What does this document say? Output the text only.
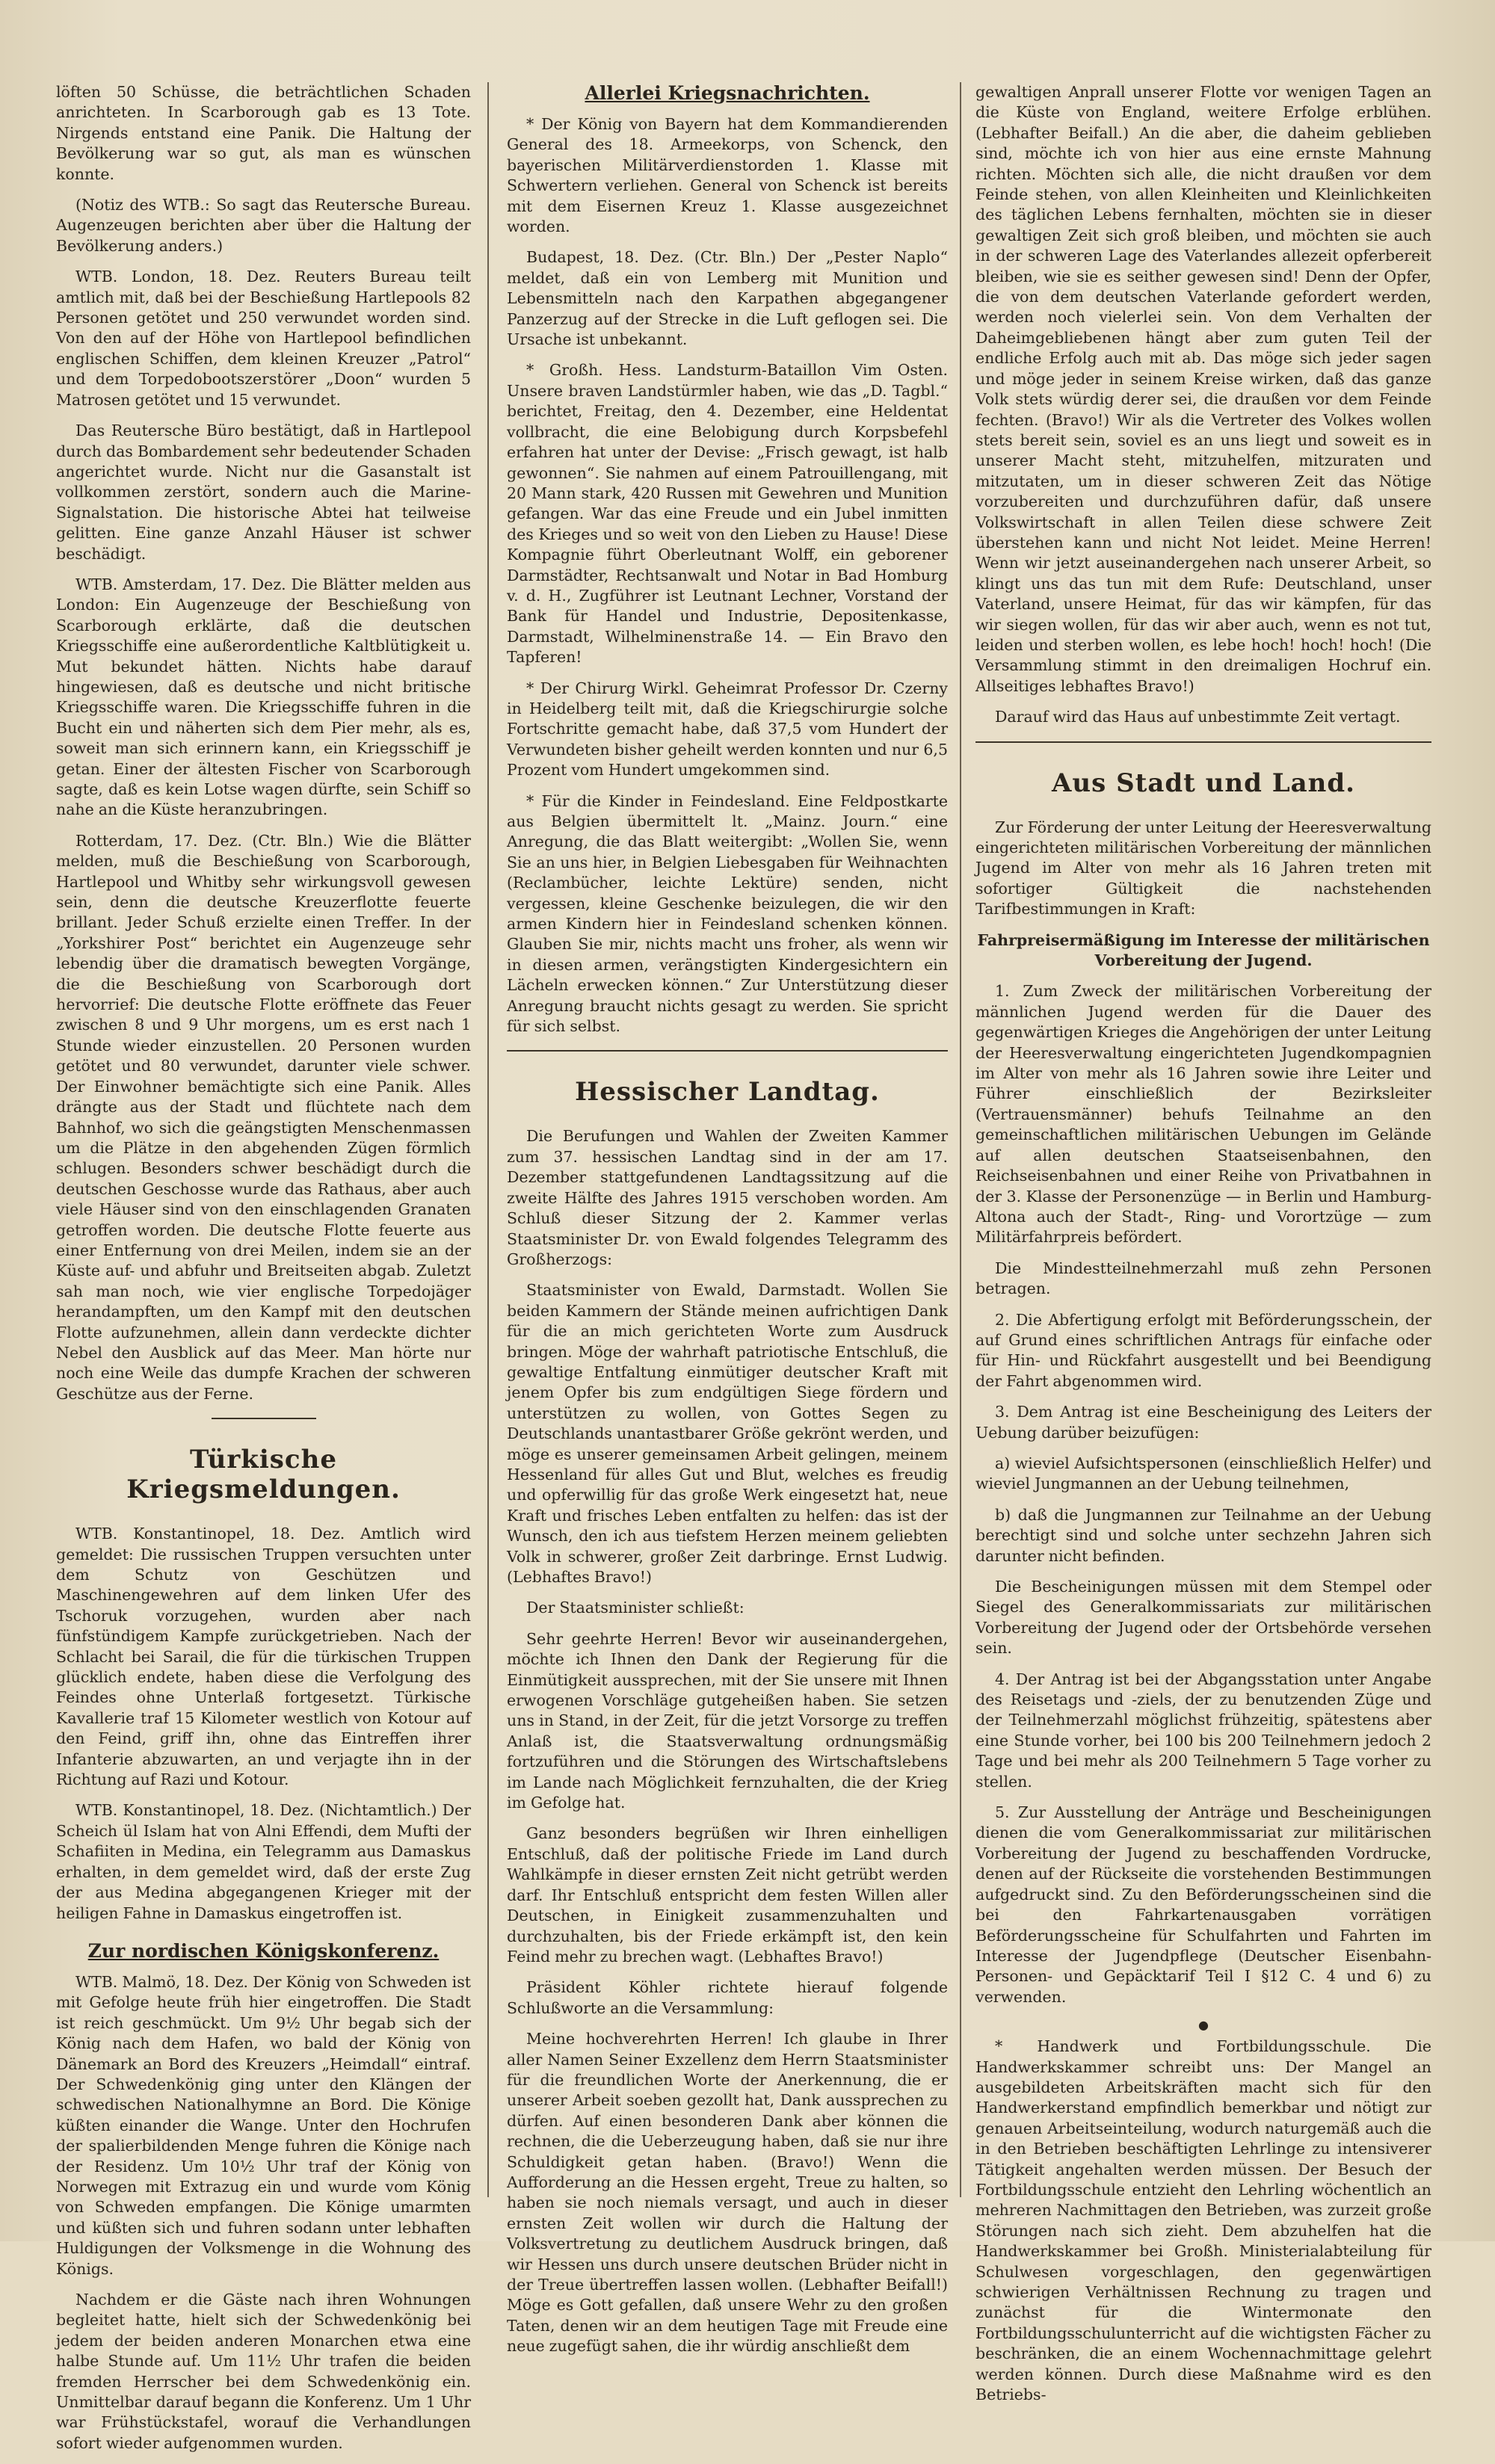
löften 50 Schüsse, die beträchtlichen Schaden anrichteten. In Scarborough gab es 13 Tote. Nirgends entstand eine Panik. Die Haltung der Bevölkerung war so gut, als man es wünschen konnte.

(Notiz des WTB.: So sagt das Reutersche Bureau. Augenzeugen berichten aber über die Haltung der Bevölkerung anders.)

WTB. London, 18. Dez. Reuters Bureau teilt amtlich mit, daß bei der Beschießung Hartlepools 82 Personen getötet und 250 verwundet worden sind. Von den auf der Höhe von Hartlepool befindlichen englischen Schiffen, dem kleinen Kreuzer „Patrol“ und dem Torpedobootszerstörer „Doon“ wurden 5 Matrosen getötet und 15 verwundet.

Das Reutersche Büro bestätigt, daß in Hartlepool durch das Bombardement sehr bedeutender Schaden angerichtet wurde. Nicht nur die Gasanstalt ist vollkommen zerstört, sondern auch die Marine-Signalstation. Die historische Abtei hat teilweise gelitten. Eine ganze Anzahl Häuser ist schwer beschädigt.

WTB. Amsterdam, 17. Dez. Die Blätter melden aus London: Ein Augenzeuge der Beschießung von Scarborough erklärte, daß die deutschen Kriegsschiffe eine außerordentliche Kaltblütigkeit u. Mut bekundet hätten. Nichts habe darauf hingewiesen, daß es deutsche und nicht britische Kriegsschiffe waren. Die Kriegsschiffe fuhren in die Bucht ein und näherten sich dem Pier mehr, als es, soweit man sich erinnern kann, ein Kriegsschiff je getan. Einer der ältesten Fischer von Scarborough sagte, daß es kein Lotse wagen dürfte, sein Schiff so nahe an die Küste heranzubringen.

Rotterdam, 17. Dez. (Ctr. Bln.) Wie die Blätter melden, muß die Beschießung von Scarborough, Hartlepool und Whitby sehr wirkungsvoll gewesen sein, denn die deutsche Kreuzerflotte feuerte brillant. Jeder Schuß erzielte einen Treffer. In der „Yorkshirer Post“ berichtet ein Augenzeuge sehr lebendig über die dramatisch bewegten Vorgänge, die die Beschießung von Scarborough dort hervorrief: Die deutsche Flotte eröffnete das Feuer zwischen 8 und 9 Uhr morgens, um es erst nach 1 Stunde wieder einzustellen. 20 Personen wurden getötet und 80 verwundet, darunter viele schwer. Der Einwohner bemächtigte sich eine Panik. Alles drängte aus der Stadt und flüchtete nach dem Bahnhof, wo sich die geängstigten Menschenmassen um die Plätze in den abgehenden Zügen förmlich schlugen. Besonders schwer beschädigt durch die deutschen Geschosse wurde das Rathaus, aber auch viele Häuser sind von den einschlagenden Granaten getroffen worden. Die deutsche Flotte feuerte aus einer Entfernung von drei Meilen, indem sie an der Küste auf- und abfuhr und Breitseiten abgab. Zuletzt sah man noch, wie vier englische Torpedojäger herandampften, um den Kampf mit den deutschen Flotte aufzunehmen, allein dann verdeckte dichter Nebel den Ausblick auf das Meer. Man hörte nur noch eine Weile das dumpfe Krachen der schweren Geschütze aus der Ferne.

Türkische Kriegsmeldungen.

WTB. Konstantinopel, 18. Dez. Amtlich wird gemeldet: Die russischen Truppen versuchten unter dem Schutz von Geschützen und Maschinengewehren auf dem linken Ufer des Tschoruk vorzugehen, wurden aber nach fünfstündigem Kampfe zurückgetrieben. Nach der Schlacht bei Sarail, die für die türkischen Truppen glücklich endete, haben diese die Verfolgung des Feindes ohne Unterlaß fortgesetzt. Türkische Kavallerie traf 15 Kilometer westlich von Kotour auf den Feind, griff ihn, ohne das Eintreffen ihrer Infanterie abzuwarten, an und verjagte ihn in der Richtung auf Razi und Kotour.

WTB. Konstantinopel, 18. Dez. (Nichtamtlich.) Der Scheich ül Islam hat von Alni Effendi, dem Mufti der Schafiiten in Medina, ein Telegramm aus Damaskus erhalten, in dem gemeldet wird, daß der erste Zug der aus Medina abgegangenen Krieger mit der heiligen Fahne in Damaskus eingetroffen ist.

Zur nordischen Königskonferenz.

WTB. Malmö, 18. Dez. Der König von Schweden ist mit Gefolge heute früh hier eingetroffen. Die Stadt ist reich geschmückt. Um 9½ Uhr begab sich der König nach dem Hafen, wo bald der König von Dänemark an Bord des Kreuzers „Heimdall“ eintraf. Der Schwedenkönig ging unter den Klängen der schwedischen Nationalhymne an Bord. Die Könige küßten einander die Wange. Unter den Hochrufen der spalierbildenden Menge fuhren die Könige nach der Residenz. Um 10½ Uhr traf der König von Norwegen mit Extrazug ein und wurde vom König von Schweden empfangen. Die Könige umarmten und küßten sich und fuhren sodann unter lebhaften Huldigungen der Volksmenge in die Wohnung des Königs.

Nachdem er die Gäste nach ihren Wohnungen begleitet hatte, hielt sich der Schwedenkönig bei jedem der beiden anderen Monarchen etwa eine halbe Stunde auf. Um 11½ Uhr trafen die beiden fremden Herrscher bei dem Schwedenkönig ein. Unmittelbar darauf begann die Konferenz. Um 1 Uhr war Frühstückstafel, worauf die Verhandlungen sofort wieder aufgenommen wurden.

Allerlei Kriegsnachrichten.

* Der König von Bayern hat dem Kommandierenden General des 18. Armeekorps, von Schenck, den bayerischen Militärverdienstorden 1. Klasse mit Schwertern verliehen. General von Schenck ist bereits mit dem Eisernen Kreuz 1. Klasse ausgezeichnet worden.

Budapest, 18. Dez. (Ctr. Bln.) Der „Pester Naplo“ meldet, daß ein von Lemberg mit Munition und Lebensmitteln nach den Karpathen abgegangener Panzerzug auf der Strecke in die Luft geflogen sei. Die Ursache ist unbekannt.

* Großh. Hess. Landsturm-Bataillon Vim Osten. Unsere braven Landstürmler haben, wie das „D. Tagbl.“ berichtet, Freitag, den 4. Dezember, eine Heldentat vollbracht, die eine Belobigung durch Korpsbefehl erfahren hat unter der Devise: „Frisch gewagt, ist halb gewonnen“. Sie nahmen auf einem Patrouillengang, mit 20 Mann stark, 420 Russen mit Gewehren und Munition gefangen. War das eine Freude und ein Jubel inmitten des Krieges und so weit von den Lieben zu Hause! Diese Kompagnie führt Oberleutnant Wolff, ein geborener Darmstädter, Rechtsanwalt und Notar in Bad Homburg v. d. H., Zugführer ist Leutnant Lechner, Vorstand der Bank für Handel und Industrie, Depositenkasse, Darmstadt, Wilhelminenstraße 14. — Ein Bravo den Tapferen!

* Der Chirurg Wirkl. Geheimrat Professor Dr. Czerny in Heidelberg teilt mit, daß die Kriegschirurgie solche Fortschritte gemacht habe, daß 37,5 vom Hundert der Verwundeten bisher geheilt werden konnten und nur 6,5 Prozent vom Hundert umgekommen sind.

* Für die Kinder in Feindesland. Eine Feldpostkarte aus Belgien übermittelt lt. „Mainz. Journ.“ eine Anregung, die das Blatt weitergibt: „Wollen Sie, wenn Sie an uns hier, in Belgien Liebesgaben für Weihnachten (Reclambücher, leichte Lektüre) senden, nicht vergessen, kleine Geschenke beizulegen, die wir den armen Kindern hier in Feindesland schenken können. Glauben Sie mir, nichts macht uns froher, als wenn wir in diesen armen, verängstigten Kindergesichtern ein Lächeln erwecken können.“ Zur Unterstützung dieser Anregung braucht nichts gesagt zu werden. Sie spricht für sich selbst.

Hessischer Landtag.

Die Berufungen und Wahlen der Zweiten Kammer zum 37. hessischen Landtag sind in der am 17. Dezember stattgefundenen Landtagssitzung auf die zweite Hälfte des Jahres 1915 verschoben worden. Am Schluß dieser Sitzung der 2. Kammer verlas Staatsminister Dr. von Ewald folgendes Telegramm des Großherzogs:

Staatsminister von Ewald, Darmstadt. Wollen Sie beiden Kammern der Stände meinen aufrichtigen Dank für die an mich gerichteten Worte zum Ausdruck bringen. Möge der wahrhaft patriotische Entschluß, die gewaltige Entfaltung einmütiger deutscher Kraft mit jenem Opfer bis zum endgültigen Siege fördern und unterstützen zu wollen, von Gottes Segen zu Deutschlands unantastbarer Größe gekrönt werden, und möge es unserer gemeinsamen Arbeit gelingen, meinem Hessenland für alles Gut und Blut, welches es freudig und opferwillig für das große Werk eingesetzt hat, neue Kraft und frisches Leben entfalten zu helfen: das ist der Wunsch, den ich aus tiefstem Herzen meinem geliebten Volk in schwerer, großer Zeit darbringe. Ernst Ludwig. (Lebhaftes Bravo!)

Der Staatsminister schließt:

Sehr geehrte Herren! Bevor wir auseinandergehen, möchte ich Ihnen den Dank der Regierung für die Einmütigkeit aussprechen, mit der Sie unsere mit Ihnen erwogenen Vorschläge gutgeheißen haben. Sie setzen uns in Stand, in der Zeit, für die jetzt Vorsorge zu treffen Anlaß ist, die Staatsverwaltung ordnungsmäßig fortzuführen und die Störungen des Wirtschaftslebens im Lande nach Möglichkeit fernzuhalten, die der Krieg im Gefolge hat.

Ganz besonders begrüßen wir Ihren einhelligen Entschluß, daß der politische Friede im Land durch Wahlkämpfe in dieser ernsten Zeit nicht getrübt werden darf. Ihr Entschluß entspricht dem festen Willen aller Deutschen, in Einigkeit zusammenzuhalten und durchzuhalten, bis der Friede erkämpft ist, den kein Feind mehr zu brechen wagt. (Lebhaftes Bravo!)

Präsident Köhler richtete hierauf folgende Schlußworte an die Versammlung:

Meine hochverehrten Herren! Ich glaube in Ihrer aller Namen Seiner Exzellenz dem Herrn Staatsminister für die freundlichen Worte der Anerkennung, die er unserer Arbeit soeben gezollt hat, Dank aussprechen zu dürfen. Auf einen besonderen Dank aber können die rechnen, die die Ueberzeugung haben, daß sie nur ihre Schuldigkeit getan haben. (Bravo!) Wenn die Aufforderung an die Hessen ergeht, Treue zu halten, so haben sie noch niemals versagt, und auch in dieser ernsten Zeit wollen wir durch die Haltung der Volksvertretung zu deutlichem Ausdruck bringen, daß wir Hessen uns durch unsere deutschen Brüder nicht in der Treue übertreffen lassen wollen. (Lebhafter Beifall!) Möge es Gott gefallen, daß unsere Wehr zu den großen Taten, denen wir an dem heutigen Tage mit Freude eine neue zugefügt sahen, die ihr würdig anschließt dem

gewaltigen Anprall unserer Flotte vor wenigen Tagen an die Küste von England, weitere Erfolge erblühen. (Lebhafter Beifall.) An die aber, die daheim geblieben sind, möchte ich von hier aus eine ernste Mahnung richten. Möchten sich alle, die nicht draußen vor dem Feinde stehen, von allen Kleinheiten und Kleinlichkeiten des täglichen Lebens fernhalten, möchten sie in dieser gewaltigen Zeit sich groß bleiben, und möchten sie auch in der schweren Lage des Vaterlandes allezeit opferbereit bleiben, wie sie es seither gewesen sind! Denn der Opfer, die von dem deutschen Vaterlande gefordert werden, werden noch vielerlei sein. Von dem Verhalten der Daheimgebliebenen hängt aber zum guten Teil der endliche Erfolg auch mit ab. Das möge sich jeder sagen und möge jeder in seinem Kreise wirken, daß das ganze Volk stets würdig derer sei, die draußen vor dem Feinde fechten. (Bravo!) Wir als die Vertreter des Volkes wollen stets bereit sein, soviel es an uns liegt und soweit es in unserer Macht steht, mitzuhelfen, mitzuraten und mitzutaten, um in dieser schweren Zeit das Nötige vorzubereiten und durchzuführen dafür, daß unsere Volkswirtschaft in allen Teilen diese schwere Zeit überstehen kann und nicht Not leidet. Meine Herren! Wenn wir jetzt auseinandergehen nach unserer Arbeit, so klingt uns das tun mit dem Rufe: Deutschland, unser Vaterland, unsere Heimat, für das wir kämpfen, für das wir siegen wollen, für das wir aber auch, wenn es not tut, leiden und sterben wollen, es lebe hoch! hoch! hoch! (Die Versammlung stimmt in den dreimaligen Hochruf ein. Allseitiges lebhaftes Bravo!)

Darauf wird das Haus auf unbestimmte Zeit vertagt.

Aus Stadt und Land.

Zur Förderung der unter Leitung der Heeresverwaltung eingerichteten militärischen Vorbereitung der männlichen Jugend im Alter von mehr als 16 Jahren treten mit sofortiger Gültigkeit die nachstehenden Tarifbestimmungen in Kraft:

Fahrpreisermäßigung im Interesse der militärischen Vorbereitung der Jugend.

1. Zum Zweck der militärischen Vorbereitung der männlichen Jugend werden für die Dauer des gegenwärtigen Krieges die Angehörigen der unter Leitung der Heeresverwaltung eingerichteten Jugendkompagnien im Alter von mehr als 16 Jahren sowie ihre Leiter und Führer einschließlich der Bezirksleiter (Vertrauensmänner) behufs Teilnahme an den gemeinschaftlichen militärischen Uebungen im Gelände auf allen deutschen Staatseisenbahnen, den Reichseisenbahnen und einer Reihe von Privatbahnen in der 3. Klasse der Personenzüge — in Berlin und Hamburg-Altona auch der Stadt-, Ring- und Vorortzüge — zum Militärfahrpreis befördert.

Die Mindestteilnehmerzahl muß zehn Personen betragen.

2. Die Abfertigung erfolgt mit Beförderungsschein, der auf Grund eines schriftlichen Antrags für einfache oder für Hin- und Rückfahrt ausgestellt und bei Beendigung der Fahrt abgenommen wird.

3. Dem Antrag ist eine Bescheinigung des Leiters der Uebung darüber beizufügen:

a) wieviel Aufsichtspersonen (einschließlich Helfer) und wieviel Jungmannen an der Uebung teilnehmen,

b) daß die Jungmannen zur Teilnahme an der Uebung berechtigt sind und solche unter sechzehn Jahren sich darunter nicht befinden.

Die Bescheinigungen müssen mit dem Stempel oder Siegel des Generalkommissariats zur militärischen Vorbereitung der Jugend oder der Ortsbehörde versehen sein.

4. Der Antrag ist bei der Abgangsstation unter Angabe des Reisetags und -ziels, der zu benutzenden Züge und der Teilnehmerzahl möglichst frühzeitig, spätestens aber eine Stunde vorher, bei 100 bis 200 Teilnehmern jedoch 2 Tage und bei mehr als 200 Teilnehmern 5 Tage vorher zu stellen.

5. Zur Ausstellung der Anträge und Bescheinigungen dienen die vom Generalkommissariat zur militärischen Vorbereitung der Jugend zu beschaffenden Vordrucke, denen auf der Rückseite die vorstehenden Bestimmungen aufgedruckt sind. Zu den Beförderungsscheinen sind die bei den Fahrkartenausgaben vorrätigen Beförderungsscheine für Schulfahrten und Fahrten im Interesse der Jugendpflege (Deutscher Eisenbahn-Personen- und Gepäcktarif Teil I §12 C. 4 und 6) zu verwenden.

●

* Handwerk und Fortbildungsschule. Die Handwerkskammer schreibt uns: Der Mangel an ausgebildeten Arbeitskräften macht sich für den Handwerkerstand empfindlich bemerkbar und nötigt zur genauen Arbeitseinteilung, wodurch naturgemäß auch die in den Betrieben beschäftigten Lehrlinge zu intensiverer Tätigkeit angehalten werden müssen. Der Besuch der Fortbildungsschule entzieht den Lehrling wöchentlich an mehreren Nachmittagen den Betrieben, was zurzeit große Störungen nach sich zieht. Dem abzuhelfen hat die Handwerkskammer bei Großh. Ministerialabteilung für Schulwesen vorgeschlagen, den gegenwärtigen schwierigen Verhältnissen Rechnung zu tragen und zunächst für die Wintermonate den Fortbildungsschulunterricht auf die wichtigsten Fächer zu beschränken, die an einem Wochennachmittage gelehrt werden können. Durch diese Maßnahme wird es den Betriebs-
